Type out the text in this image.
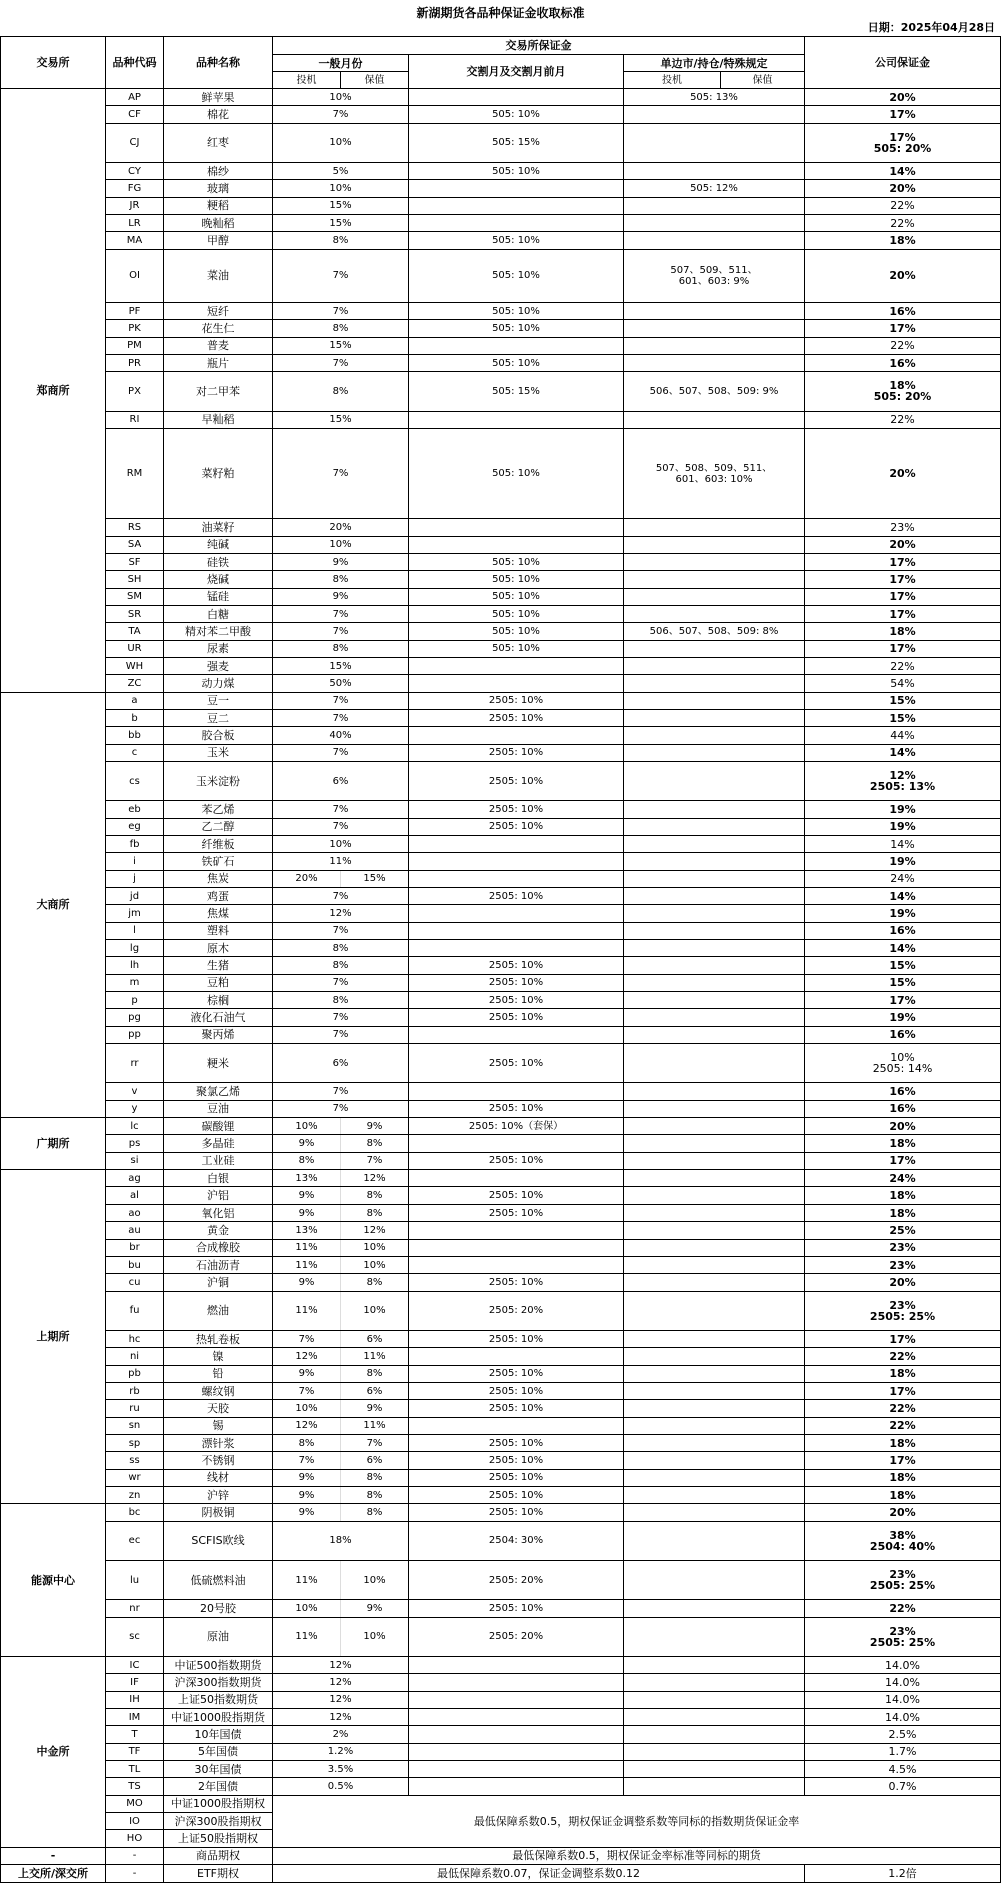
新湖期货各品种保证金收取标准
日期：2025年04月28日
交易所	品种代码	品种名称	交易所保证金					公司保证金
			一般月份		交割月及交割月前月	单边市/持仓/特殊规定		
			投机	保值		投机	保值	
郑商所	AP	鲜苹果	10%			505: 13%		20%
	CF	棉花	7%		505: 10%			17%
	CJ	红枣	10%		505: 15%			17%
505: 20%
	CY	棉纱	5%		505: 10%			14%
	FG	玻璃	10%			505: 12%		20%
	JR	粳稻	15%					22%
	LR	晚籼稻	15%					22%
	MA	甲醇	8%		505: 10%			18%
	OI	菜油	7%		505: 10%	507、509、511、
601、603: 9%		20%
	PF	短纤	7%		505: 10%			16%
	PK	花生仁	8%		505: 10%			17%
	PM	普麦	15%					22%
	PR	瓶片	7%		505: 10%			16%
	PX	对二甲苯	8%		505: 15%	506、507、508、509: 9%		18%
505: 20%
	RI	早籼稻	15%					22%
	RM	菜籽粕	7%		505: 10%	507、508、509、511、
601、603: 10%		20%
	RS	油菜籽	20%					23%
	SA	纯碱	10%					20%
	SF	硅铁	9%		505: 10%			17%
	SH	烧碱	8%		505: 10%			17%
	SM	锰硅	9%		505: 10%			17%
	SR	白糖	7%		505: 10%			17%
	TA	精对苯二甲酸	7%		505: 10%	506、507、508、509: 8%		18%
	UR	尿素	8%		505: 10%			17%
	WH	强麦	15%					22%
	ZC	动力煤	50%					54%
大商所	a	豆一	7%		2505: 10%			15%
	b	豆二	7%		2505: 10%			15%
	bb	胶合板	40%					44%
	c	玉米	7%		2505: 10%			14%
	cs	玉米淀粉	6%		2505: 10%			12%
2505: 13%
	eb	苯乙烯	7%		2505: 10%			19%
	eg	乙二醇	7%		2505: 10%			19%
	fb	纤维板	10%					14%
	i	铁矿石	11%					19%
	j	焦炭	20%	15%				24%
	jd	鸡蛋	7%		2505: 10%			14%
	jm	焦煤	12%					19%
	l	塑料	7%					16%
	lg	原木	8%					14%
	lh	生猪	8%		2505: 10%			15%
	m	豆粕	7%		2505: 10%			15%
	p	棕榈	8%		2505: 10%			17%
	pg	液化石油气	7%		2505: 10%			19%
	pp	聚丙烯	7%					16%
	rr	粳米	6%		2505: 10%			10%
2505: 14%
	v	聚氯乙烯	7%					16%
	y	豆油	7%		2505: 10%			16%
广期所	lc	碳酸锂	10%	9%	2505: 10%（套保）			20%
	ps	多晶硅	9%	8%				18%
	si	工业硅	8%	7%	2505: 10%			17%
上期所	ag	白银	13%	12%				24%
	al	沪铝	9%	8%	2505: 10%			18%
	ao	氧化铝	9%	8%	2505: 10%			18%
	au	黄金	13%	12%				25%
	br	合成橡胶	11%	10%				23%
	bu	石油沥青	11%	10%				23%
	cu	沪铜	9%	8%	2505: 10%			20%
	fu	燃油	11%	10%	2505: 20%			23%
2505: 25%
	hc	热轧卷板	7%	6%	2505: 10%			17%
	ni	镍	12%	11%				22%
	pb	铅	9%	8%	2505: 10%			18%
	rb	螺纹钢	7%	6%	2505: 10%			17%
	ru	天胶	10%	9%	2505: 10%			22%
	sn	锡	12%	11%				22%
	sp	漂针浆	8%	7%	2505: 10%			18%
	ss	不锈钢	7%	6%	2505: 10%			17%
	wr	线材	9%	8%	2505: 10%			18%
	zn	沪锌	9%	8%	2505: 10%			18%
能源中心	bc	阴极铜	9%	8%	2505: 10%			20%
	ec	SCFIS欧线	18%		2504: 30%			38%
2504: 40%
	lu	低硫燃料油	11%	10%	2505: 20%			23%
2505: 25%
	nr	20号胶	10%	9%	2505: 10%			22%
	sc	原油	11%	10%	2505: 20%			23%
2505: 25%
中金所	IC	中证500指数期货	12%					14.0%
	IF	沪深300指数期货	12%					14.0%
	IH	上证50指数期货	12%					14.0%
	IM	中证1000股指期货	12%					14.0%
	T	10年国债	2%					2.5%
	TF	5年国债	1.2%					1.7%
	TL	30年国债	3.5%					4.5%
	TS	2年国债	0.5%					0.7%
	MO	中证1000股指期权	最低保障系数0.5，期权保证金调整系数等同标的指数期货保证金率					
	IO	沪深300股指期权						
	HO	上证50股指期权						
-	-	商品期权	最低保障系数0.5，期权保证金率标准等同标的期货					
上交所/深交所	-	ETF期权	最低保障系数0.07，保证金调整系数0.12					1.2倍
